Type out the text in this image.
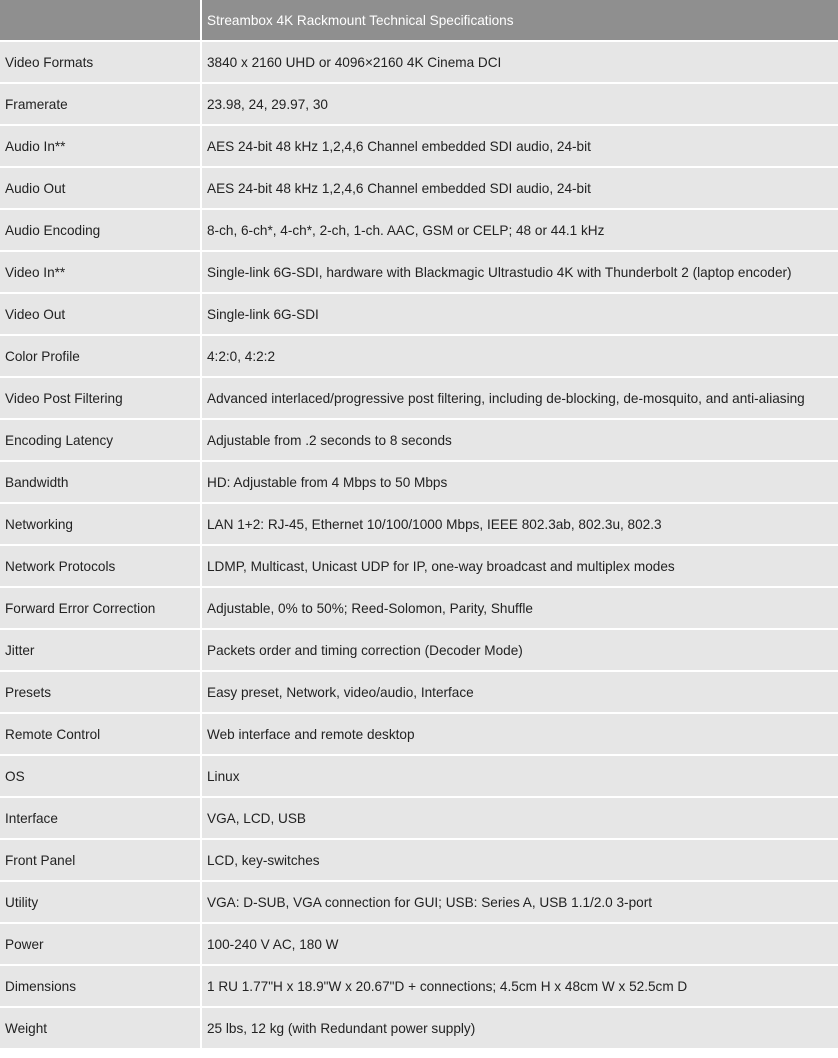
	Streambox 4K Rackmount Technical Specifications
Video Formats	3840 x 2160 UHD or 4096×2160 4K Cinema DCI
Framerate	23.98, 24, 29.97, 30
Audio In**	AES 24-bit 48 kHz 1,2,4,6 Channel embedded SDI audio, 24-bit
Audio Out	AES 24-bit 48 kHz 1,2,4,6 Channel embedded SDI audio, 24-bit
Audio Encoding	8-ch, 6-ch*, 4-ch*, 2-ch, 1-ch. AAC, GSM or CELP; 48 or 44.1 kHz
Video In**	Single-link 6G-SDI, hardware with Blackmagic Ultrastudio 4K with Thunderbolt 2 (laptop encoder)
Video Out	Single-link 6G-SDI
Color Profile	4:2:0, 4:2:2
Video Post Filtering	Advanced interlaced/progressive post filtering, including de-blocking, de-mosquito, and anti-aliasing
Encoding Latency	Adjustable from .2 seconds to 8 seconds
Bandwidth	HD: Adjustable from 4 Mbps to 50 Mbps
Networking	LAN 1+2: RJ-45, Ethernet 10/100/1000 Mbps, IEEE 802.3ab, 802.3u, 802.3
Network Protocols	LDMP, Multicast, Unicast UDP for IP, one-way broadcast and multiplex modes
Forward Error Correction	Adjustable, 0% to 50%; Reed-Solomon, Parity, Shuffle
Jitter	Packets order and timing correction (Decoder Mode)
Presets	Easy preset, Network, video/audio, Interface
Remote Control	Web interface and remote desktop
OS	Linux
Interface	VGA, LCD, USB
Front Panel	LCD, key-switches
Utility	VGA: D-SUB, VGA connection for GUI; USB: Series A, USB 1.1/2.0 3-port
Power	100-240 V AC, 180 W
Dimensions	1 RU 1.77"H x 18.9"W x 20.67"D + connections; 4.5cm H x 48cm W x 52.5cm D
Weight	25 lbs, 12 kg (with Redundant power supply)
